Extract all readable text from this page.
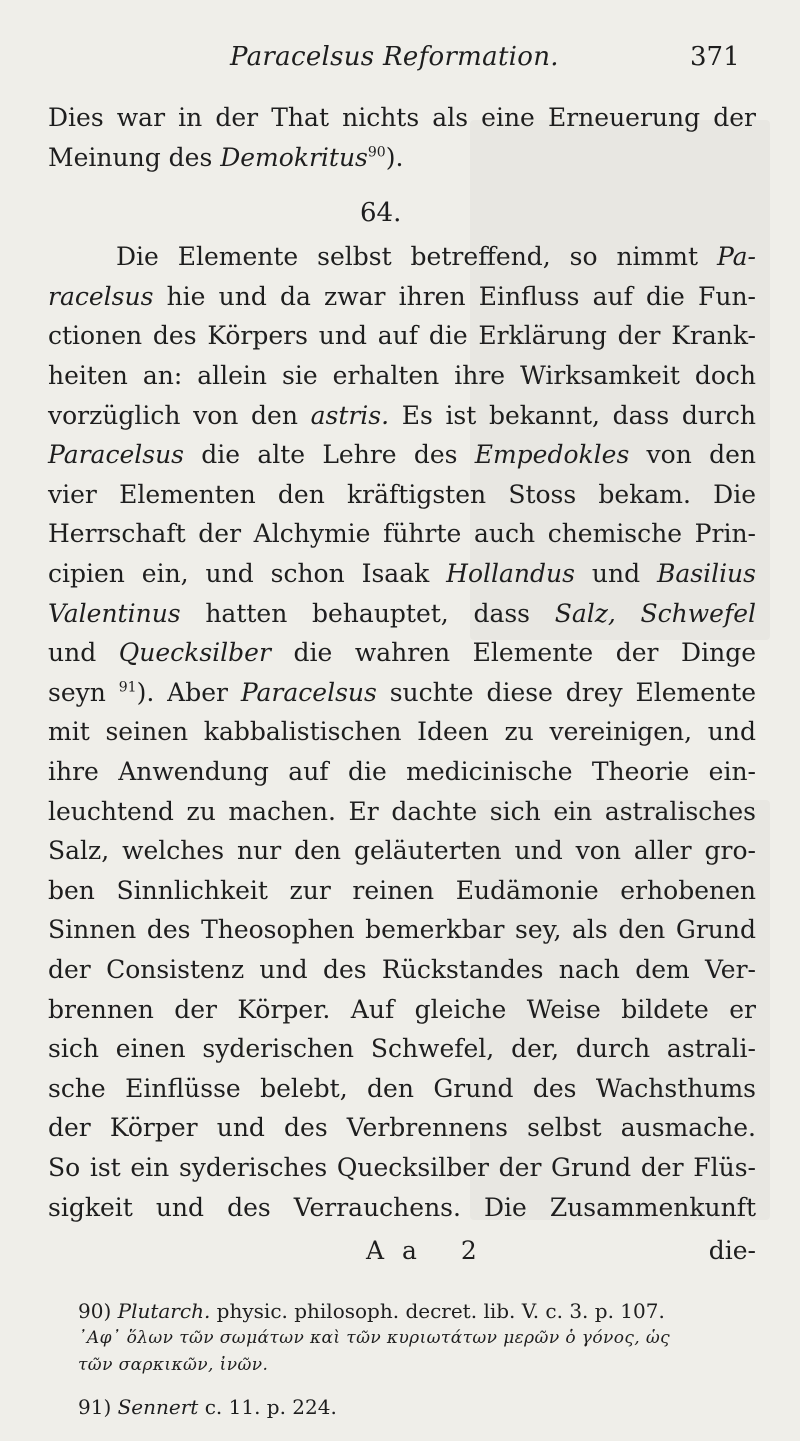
Paracelsus Reformation.	371
64.
Dies war in der That nichts als eine Erneuerung der
Meinung des Demokritus$^{90}$).
Die Elemente selbst betreffend, so nimmt Pa-
racelsus hie und da zwar ihren Einfluss auf die Fun-
ctionen des Körpers und auf die Erklärung der Krank-
heiten an: allein sie erhalten ihre Wirksamkeit doch
vorzüglich von den astris. Es ist bekannt, dass durch
Paracelsus die alte Lehre des Empedokles von den
vier Elementen den kräftigsten Stoss bekam. Die
Herrschaft der Alchymie führte auch chemische Prin-
cipien ein, und schon Isaak Hollandus und Basilius
Valentinus hatten behauptet, dass Salz, Schwefel
und Quecksilber die wahren Elemente der Dinge
seyn $^{91}$). Aber Paracelsus suchte diese drey Elemente
mit seinen kabbalistischen Ideen zu vereinigen, und
ihre Anwendung auf die medicinische Theorie ein-
leuchtend zu machen. Er dachte sich ein astralisches
Salz, welches nur den geläuterten und von aller gro-
ben Sinnlichkeit zur reinen Eudämonie erhobenen
Sinnen des Theosophen bemerkbar sey, als den Grund
der Consistenz und des Rückstandes nach dem Ver-
brennen der Körper. Auf gleiche Weise bildete er
sich einen syderischen Schwefel, der, durch astrali-
sche Einflüsse belebt, den Grund des Wachsthums
der Körper und des Verbrennens selbst ausmache.
So ist ein syderisches Quecksilber der Grund der Flüs-
sigkeit und des Verrauchens. Die Zusammenkunft
Aa 2	die-
90) Plutarch. physic. philosoph. decret. lib. V. c. 3. p. 107.
᾿Αφ᾿ ὅλων τῶν σωμάτων καὶ τῶν κυριωτάτων μερῶν ὁ γόνος, ὡς
τῶν σαρκικῶν, ἰνῶν.
91) Sennert c. 11. p. 224.
